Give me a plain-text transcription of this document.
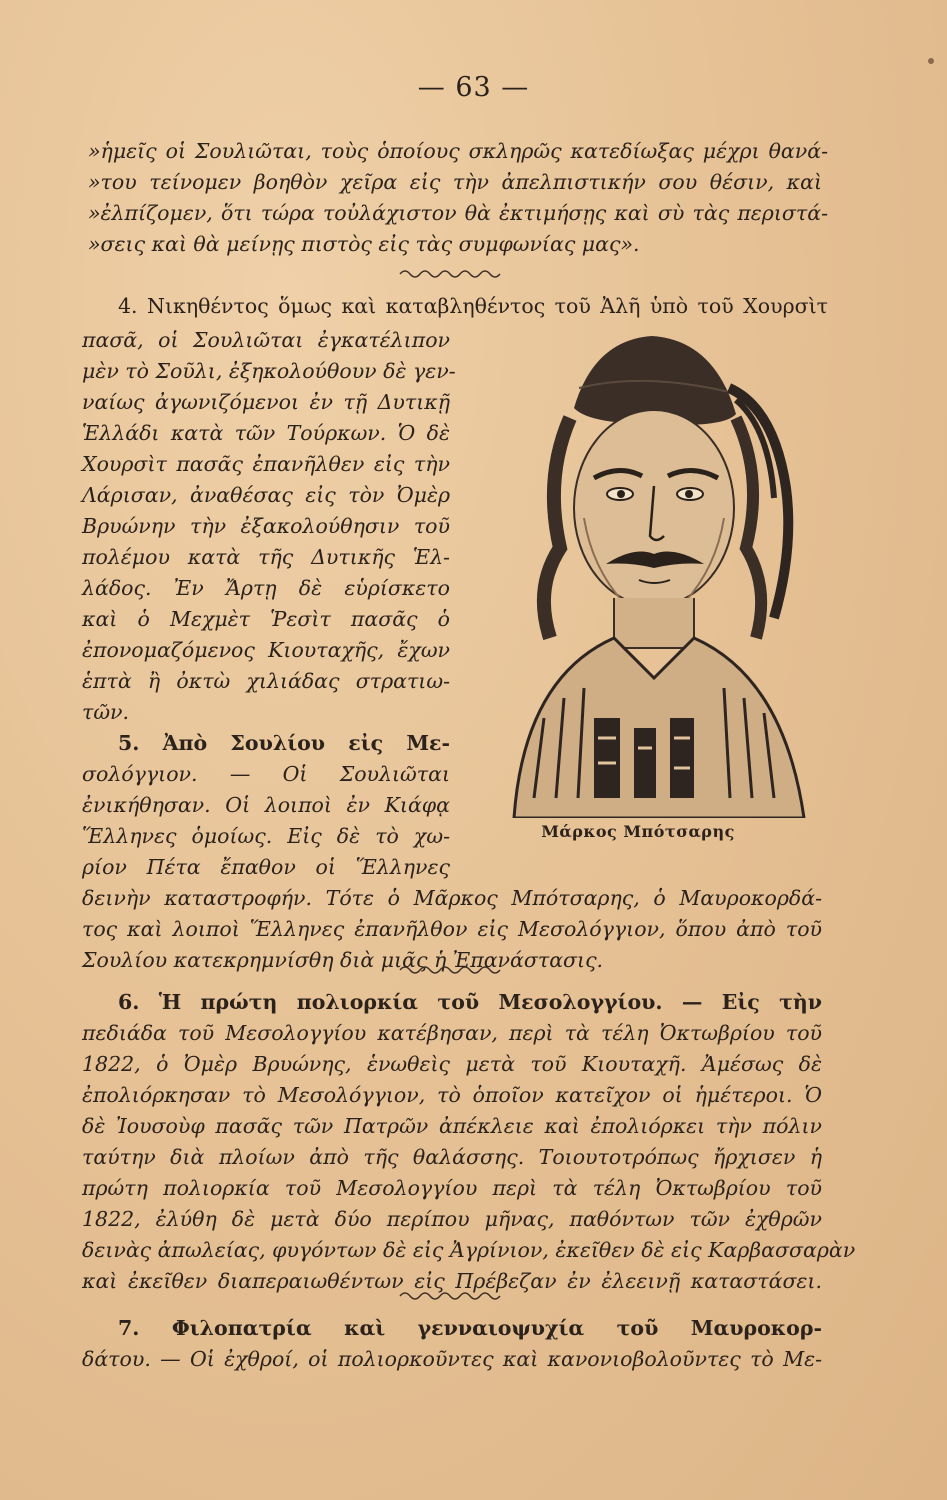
— 63 —
»ἡμεῖς οἱ Σουλιῶται, τοὺς ὁποίους σκληρῶς κατεδίωξας μέχρι θανά-
»του τείνομεν βοηθὸν χεῖρα εἰς τὴν ἀπελπιστικήν σου θέσιν, καὶ
»ἐλπίζομεν, ὅτι τώρα τοὐλάχιστον θὰ ἐκτιμήσῃς καὶ σὺ τὰς περιστά-
»σεις καὶ θὰ μείνῃς πιστὸς εἰς τὰς συμφωνίας μας».
4. Νικηθέντος ὅμως καὶ καταβληθέντος τοῦ Ἀλῆ ὑπὸ τοῦ Χουρσὶτ
πασᾶ, οἱ Σουλιῶται ἐγκατέλιπον
μὲν τὸ Σοῦλι, ἐξηκολούθουν δὲ γεν-
ναίως ἀγωνιζόμενοι ἐν τῇ Δυτικῇ
Ἑλλάδι κατὰ τῶν Τούρκων. Ὁ δὲ
Χουρσὶτ πασᾶς ἐπανῆλθεν εἰς τὴν
Λάρισαν, ἀναθέσας εἰς τὸν Ὀμὲρ
Βρυώνην τὴν ἐξακολούθησιν τοῦ
πολέμου κατὰ τῆς Δυτικῆς Ἑλ-
λάδος. Ἐν Ἄρτῃ δὲ εὑρίσκετο
καὶ ὁ Μεχμὲτ Ῥεσὶτ πασᾶς ὁ
ἐπονομαζόμενος Κιουταχῆς, ἔχων
ἑπτὰ ἢ ὀκτὼ χιλιάδας στρατιω-
τῶν.
5. Ἀπὸ Σουλίου εἰς Με-
σολόγγιον. — Οἱ Σουλιῶται
ἐνικήθησαν. Οἱ λοιποὶ ἐν Κιάφᾳ
Ἕλληνες ὁμοίως. Εἰς δὲ τὸ χω-
ρίον Πέτα ἔπαθον οἱ Ἕλληνες
δεινὴν καταστροφήν. Τότε ὁ Μᾶρκος Μπότσαρης, ὁ Μαυροκορδά-
τος καὶ λοιποὶ Ἕλληνες ἐπανῆλθον εἰς Μεσολόγγιον, ὅπου ἀπὸ τοῦ
Σουλίου κατεκρημνίσθη διὰ μιᾶς ἡ Ἐπανάστασις.
Μάρκος Μπότσαρης
6. Ἡ πρώτη πολιορκία τοῦ Μεσολογγίου. — Εἰς τὴν
πεδιάδα τοῦ Μεσολογγίου κατέβησαν, περὶ τὰ τέλη Ὀκτωβρίου τοῦ
1822, ὁ Ὀμὲρ Βρυώνης, ἑνωθεὶς μετὰ τοῦ Κιουταχῆ. Ἀμέσως δὲ
ἐπολιόρκησαν τὸ Μεσολόγγιον, τὸ ὁποῖον κατεῖχον οἱ ἡμέτεροι. Ὁ
δὲ Ἰουσοὺφ πασᾶς τῶν Πατρῶν ἀπέκλειε καὶ ἐπολιόρκει τὴν πόλιν
ταύτην διὰ πλοίων ἀπὸ τῆς θαλάσσης. Τοιουτοτρόπως ἤρχισεν ἡ
πρώτη πολιορκία τοῦ Μεσολογγίου περὶ τὰ τέλη Ὀκτωβρίου τοῦ
1822, ἐλύθη δὲ μετὰ δύο περίπου μῆνας, παθόντων τῶν ἐχθρῶν
δεινὰς ἀπωλείας, φυγόντων δὲ εἰς Ἀγρίνιον, ἐκεῖθεν δὲ εἰς Καρβασσαρὰν
καὶ ἐκεῖθεν διαπεραιωθέντων εἰς Πρέβεζαν ἐν ἐλεεινῇ καταστάσει.
7. Φιλοπατρία καὶ γενναιοψυχία τοῦ Μαυροκορ-
δάτου. — Οἱ ἐχθροί, οἱ πολιορκοῦντες καὶ κανονιοβολοῦντες τὸ Με-
